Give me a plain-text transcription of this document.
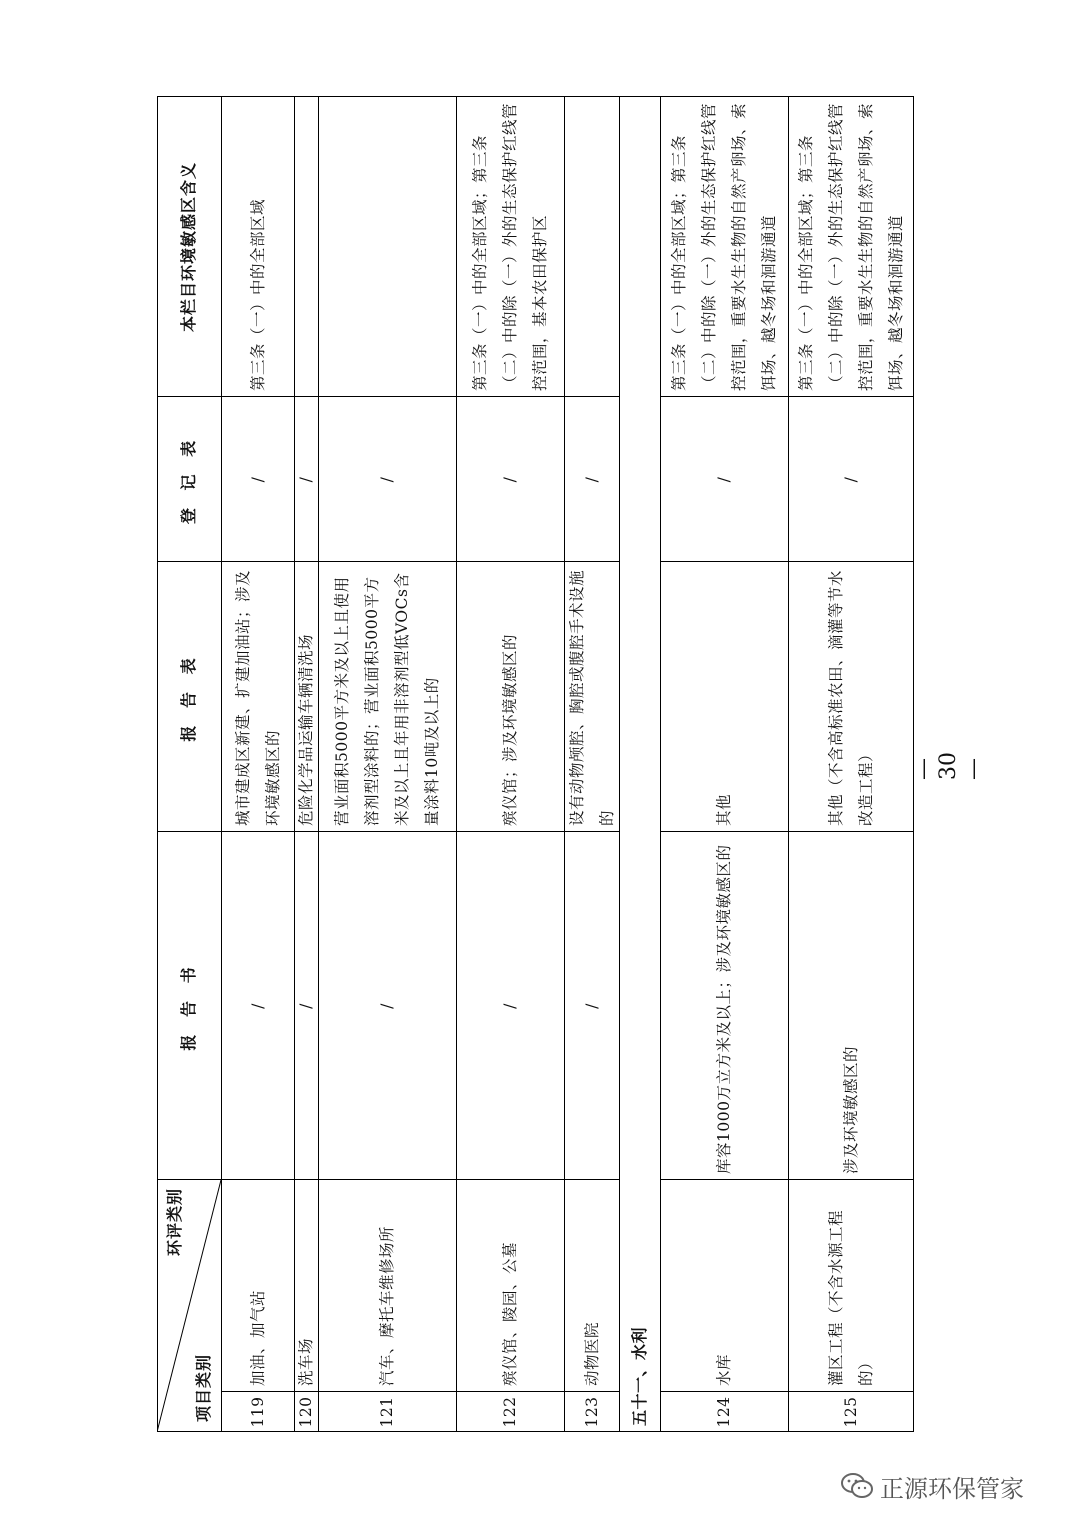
环评类别
项目类别
报 告 书
报 告 表
登 记 表
本栏目环境敏感区含义
119
加油、加气站
/
城市建成区新建、扩建加油站；涉及环境敏感区的
/
第三条（一）中的全部区域
120
洗车场
/
危险化学品运输车辆清洗场
/
121
汽车、摩托车维修场所
/
营业面积5000平方米及以上且使用溶剂型涂料的；营业面积5000平方米及以上且年用非溶剂型低VOCs含量涂料10吨及以上的
/
122
殡仪馆、陵园、公墓
/
殡仪馆；涉及环境敏感区的
/
第三条（一）中的全部区域；第三条（二）中的除（一）外的生态保护红线管控范围，基本农田保护区
123
动物医院
/
设有动物颅腔、胸腔或腹腔手术设施的
/
五十一、水利	124
水库
库容1000万立方米及以上；涉及环境敏感区的
其他
/
第三条（一）中的全部区域；第三条（二）中的除（一）外的生态保护红线管控范围，重要水生生物的自然产卵场、索饵场、越冬场和洄游通道
125
灌区工程（不含水源工程的）
涉及环境敏感区的
其他（不含高标准农田、滴灌等节水改造工程）
/
第三条（一）中的全部区域；第三条（二）中的除（一）外的生态保护红线管控范围，重要水生生物的自然产卵场、索饵场、越冬场和洄游通道
— 30 —
正源环保管家
